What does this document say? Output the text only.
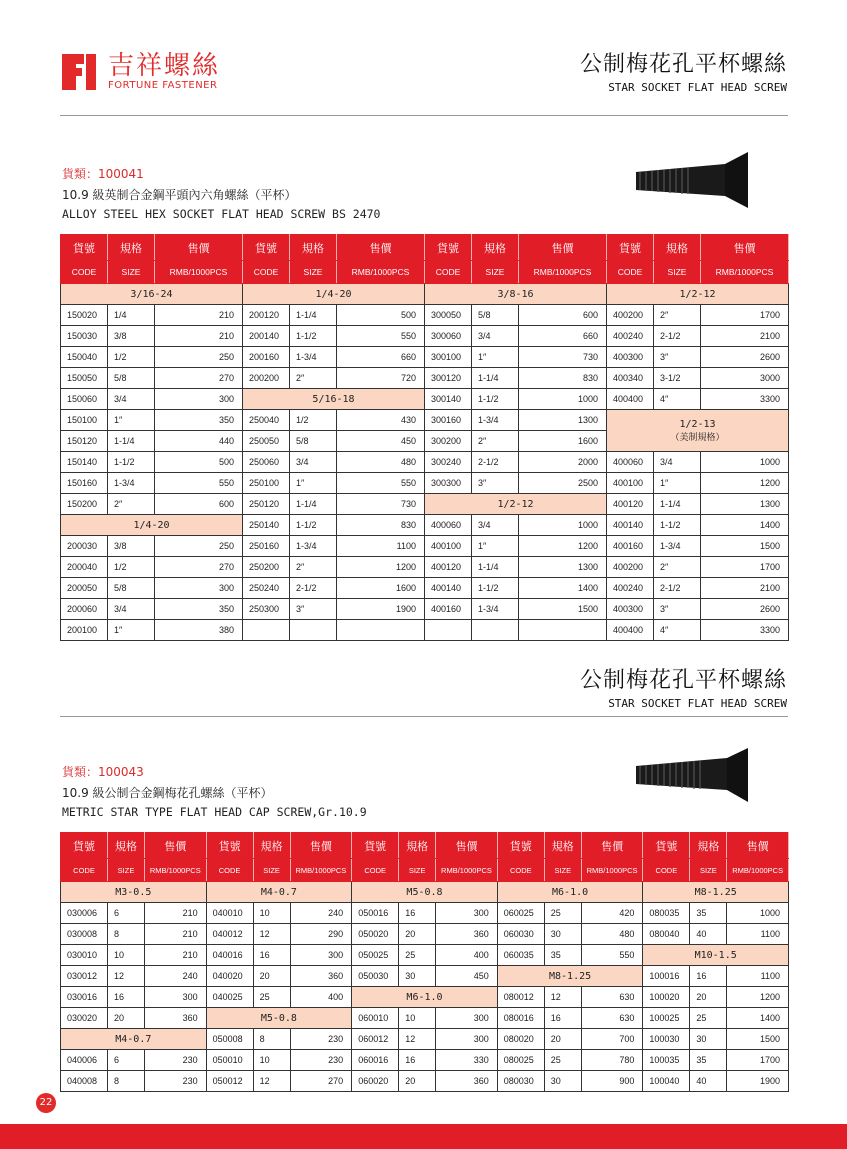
吉祥螺絲
FORTUNE FASTENER
公制梅花孔平杯螺絲
STAR SOCKET FLAT HEAD SCREW
貨類：100041
10.9 級英制合金鋼平頭內六角螺絲（平杯）
ALLOY STEEL HEX SOCKET FLAT HEAD SCREW BS 2470
貨號	規格	售價	貨號	規格	售價	貨號	規格	售價	貨號	規格	售價
CODE	SIZE	RMB/1000PCS	CODE	SIZE	RMB/1000PCS	CODE	SIZE	RMB/1000PCS	CODE	SIZE	RMB/1000PCS

3/16-24			1/4-20			3/8-16			1/2-12		

150020	1/4	210	200120	1-1/4	500	300050	5/8	600	400200	2″	1700
150030	3/8	210	200140	1-1/2	550	300060	3/4	660	400240	2-1/2	2100
150040	1/2	250	200160	1-3/4	660	300100	1″	730	400300	3″	2600
150050	5/8	270	200200	2″	720	300120	1-1/4	830	400340	3-1/2	3000
150060	3/4	300	5/16-18			300140	1-1/2	1000	400400	4″	3300
150100	1″	350	250040	1/2	430	300160	1-3/4	1300	1/2-13
（美制規格）		

150120	1-1/4	440	250050	5/8	450	300200	2″	1600			
150140	1-1/2	500	250060	3/4	480	300240	2-1/2	2000	400060	3/4	1000
150160	1-3/4	550	250100	1″	550	300300	3″	2500	400100	1″	1200
150200	2″	600	250120	1-1/4	730	1/2-12			400120	1-1/4	1300

1/4-20			250140	1-1/2	830	400060	3/4	1000	400140	1-1/2	1400
200030	3/8	250	250160	1-3/4	1100	400100	1″	1200	400160	1-3/4	1500
200040	1/2	270	250200	2″	1200	400120	1-1/4	1300	400200	2″	1700
200050	5/8	300	250240	2-1/2	1600	400140	1-1/2	1400	400240	2-1/2	2100
200060	3/4	350	250300	3″	1900	400160	1-3/4	1500	400300	3″	2600
200100	1″	380							400400	4″	3300
公制梅花孔平杯螺絲
STAR SOCKET FLAT HEAD SCREW
貨類：100043
10.9 級公制合金鋼梅花孔螺絲（平杯）
METRIC STAR TYPE FLAT HEAD CAP SCREW,Gr.10.9
貨號	規格	售價	貨號	規格	售價	貨號	規格	售價	貨號	規格	售價	貨號	規格	售價
CODE	SIZE	RMB/1000PCS	CODE	SIZE	RMB/1000PCS	CODE	SIZE	RMB/1000PCS	CODE	SIZE	RMB/1000PCS	CODE	SIZE	RMB/1000PCS
M3-0.5			M4-0.7			M5-0.8			M6-1.0			M8-1.25		
030006	6	210	040010	10	240	050016	16	300	060025	25	420	080035	35	1000
030008	8	210	040012	12	290	050020	20	360	060030	30	480	080040	40	1100
030010	10	210	040016	16	300	050025	25	400	060035	35	550	M10-1.5		
030012	12	240	040020	20	360	050030	30	450	M8-1.25			100016	16	1100
030016	16	300	040025	25	400	M6-1.0			080012	12	630	100020	20	1200
030020	20	360	M5-0.8			060010	10	300	080016	16	630	100025	25	1400
M4-0.7			050008	8	230	060012	12	300	080020	20	700	100030	30	1500
040006	6	230	050010	10	230	060016	16	330	080025	25	780	100035	35	1700
040008	8	230	050012	12	270	060020	20	360	080030	30	900	100040	40	1900
22
